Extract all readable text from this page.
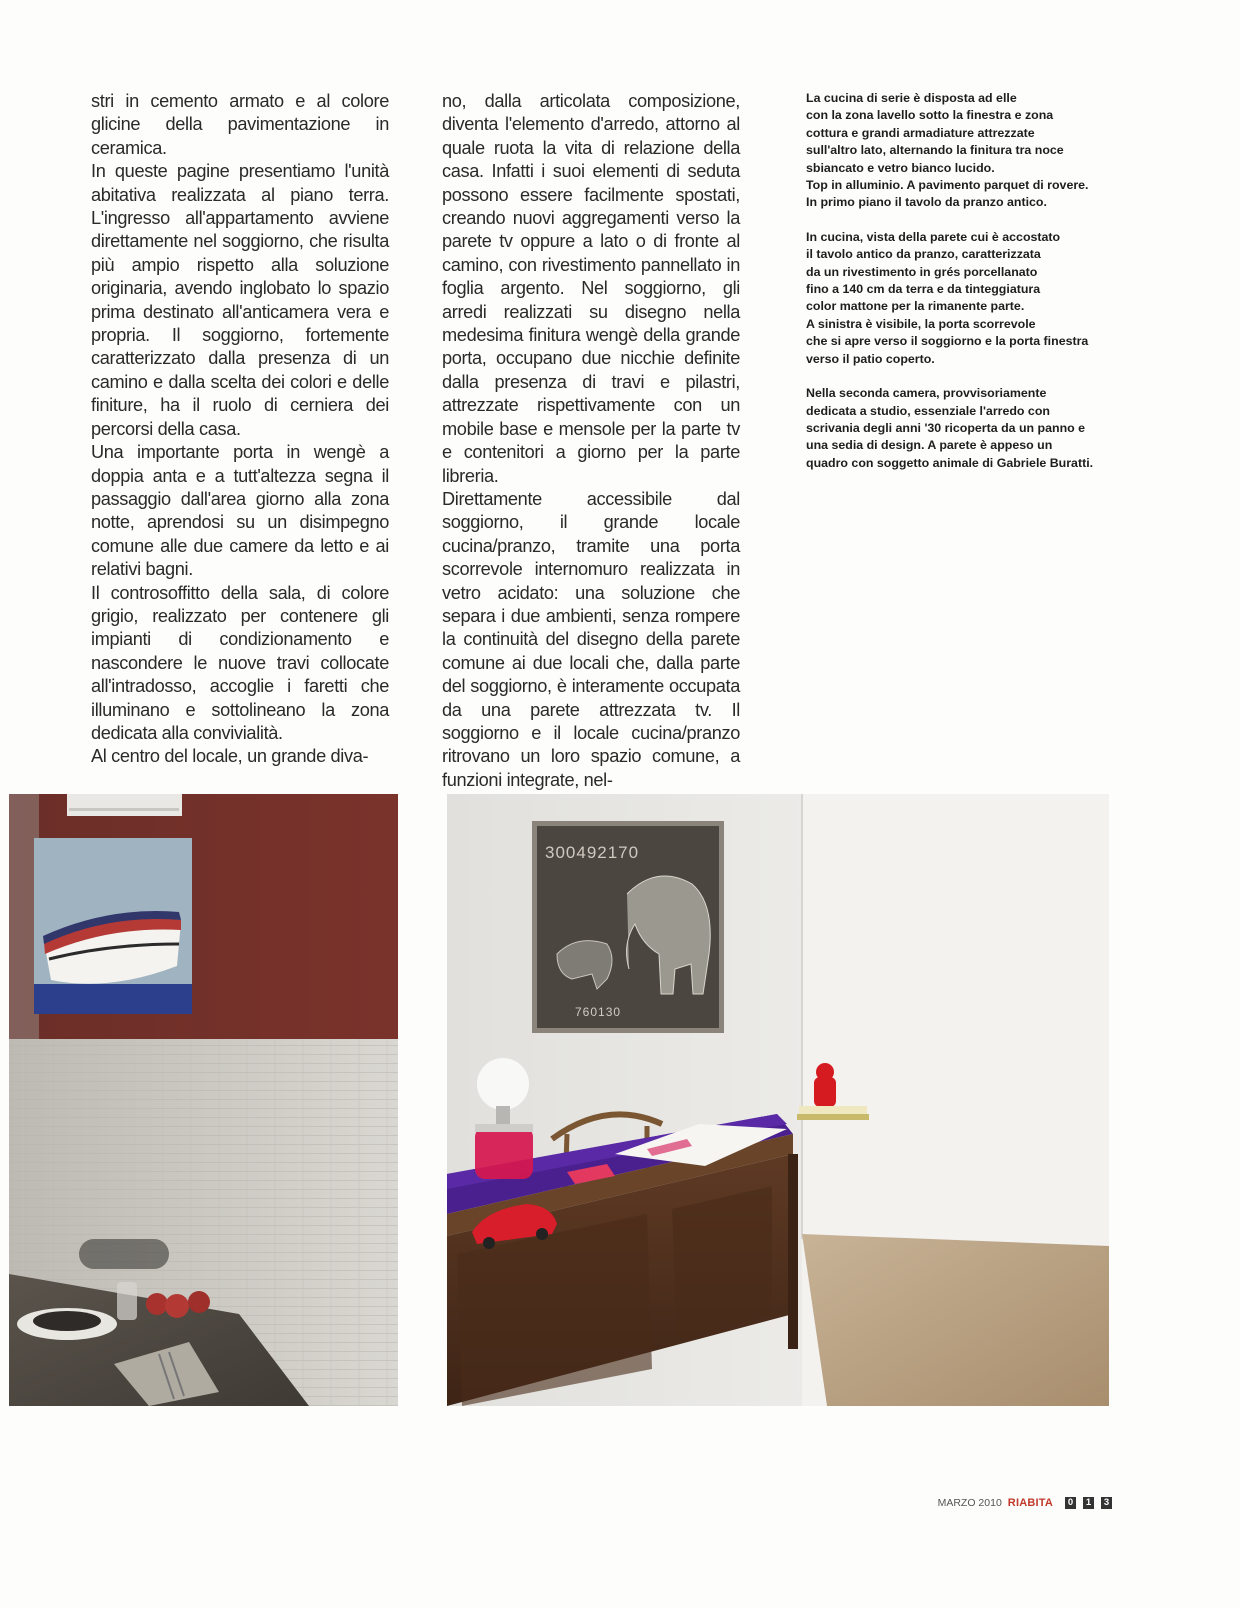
stri in cemento armato e al colore glicine della pavimentazione in ceramica.

In queste pagine presentiamo l'unità abitativa realizzata al piano terra. L'ingresso all'appartamento avviene direttamente nel soggiorno, che risulta più ampio rispetto alla soluzione originaria, avendo inglobato lo spazio prima destinato all'anticamera vera e propria. Il soggiorno, fortemente caratterizzato dalla presenza di un camino e dalla scelta dei colori e delle finiture, ha il ruolo di cerniera dei percorsi della casa.

Una importante porta in wengè a doppia anta e a tutt'altezza segna il passaggio dall'area giorno alla zona notte, aprendosi su un disimpegno comune alle due camere da letto e ai relativi bagni.

Il controsoffitto della sala, di colore grigio, realizzato per contenere gli impianti di condizionamento e nascondere le nuove travi collocate all'intradosso, accoglie i faretti che illuminano e sottolineano la zona dedicata alla convivialità.

Al centro del locale, un grande diva-

no, dalla articolata composizione, diventa l'elemento d'arredo, attorno al quale ruota la vita di relazione della casa. Infatti i suoi elementi di seduta possono essere facilmente spostati, creando nuovi aggregamenti verso la parete tv oppure a lato o di fronte al camino, con rivestimento pannellato in foglia argento. Nel soggiorno, gli arredi realizzati su disegno nella medesima finitura wengè della grande porta, occupano due nicchie definite dalla presenza di travi e pilastri, attrezzate rispettivamente con un mobile base e mensole per la parte tv e contenitori a giorno per la parte libreria.

Direttamente accessibile dal soggiorno, il grande locale cucina/pranzo, tramite una porta scorrevole internomuro realizzata in vetro acidato: una soluzione che separa i due ambienti, senza rompere la continuità del disegno della parete comune ai due locali che, dalla parte del soggiorno, è interamente occupata da una parete attrezzata tv. Il soggiorno e il locale cucina/pranzo ritrovano un loro spazio comune, a funzioni integrate, nel-

La cucina di serie è disposta ad elle
con la zona lavello sotto la finestra e zona
cottura e grandi armadiature attrezzate
sull'altro lato, alternando la finitura tra noce
sbiancato e vetro bianco lucido.
Top in alluminio. A pavimento parquet di rovere.
In primo piano il tavolo da pranzo antico.

In cucina, vista della parete cui è accostato
il tavolo antico da pranzo, caratterizzata
da un rivestimento in grés porcellanato
fino a 140 cm da terra e da tinteggiatura
color mattone per la rimanente parte.
A sinistra è visibile, la porta scorrevole
che si apre verso il soggiorno e la porta finestra
verso il patio coperto.

Nella seconda camera, provvisoriamente
dedicata a studio, essenziale l'arredo con
scrivania degli anni '30 ricoperta da un panno e
una sedia di design. A parete è appeso un
quadro con soggetto animale di Gabriele Buratti.

300492170
760130
MARZO 2010 RIABITA 0	1	3
